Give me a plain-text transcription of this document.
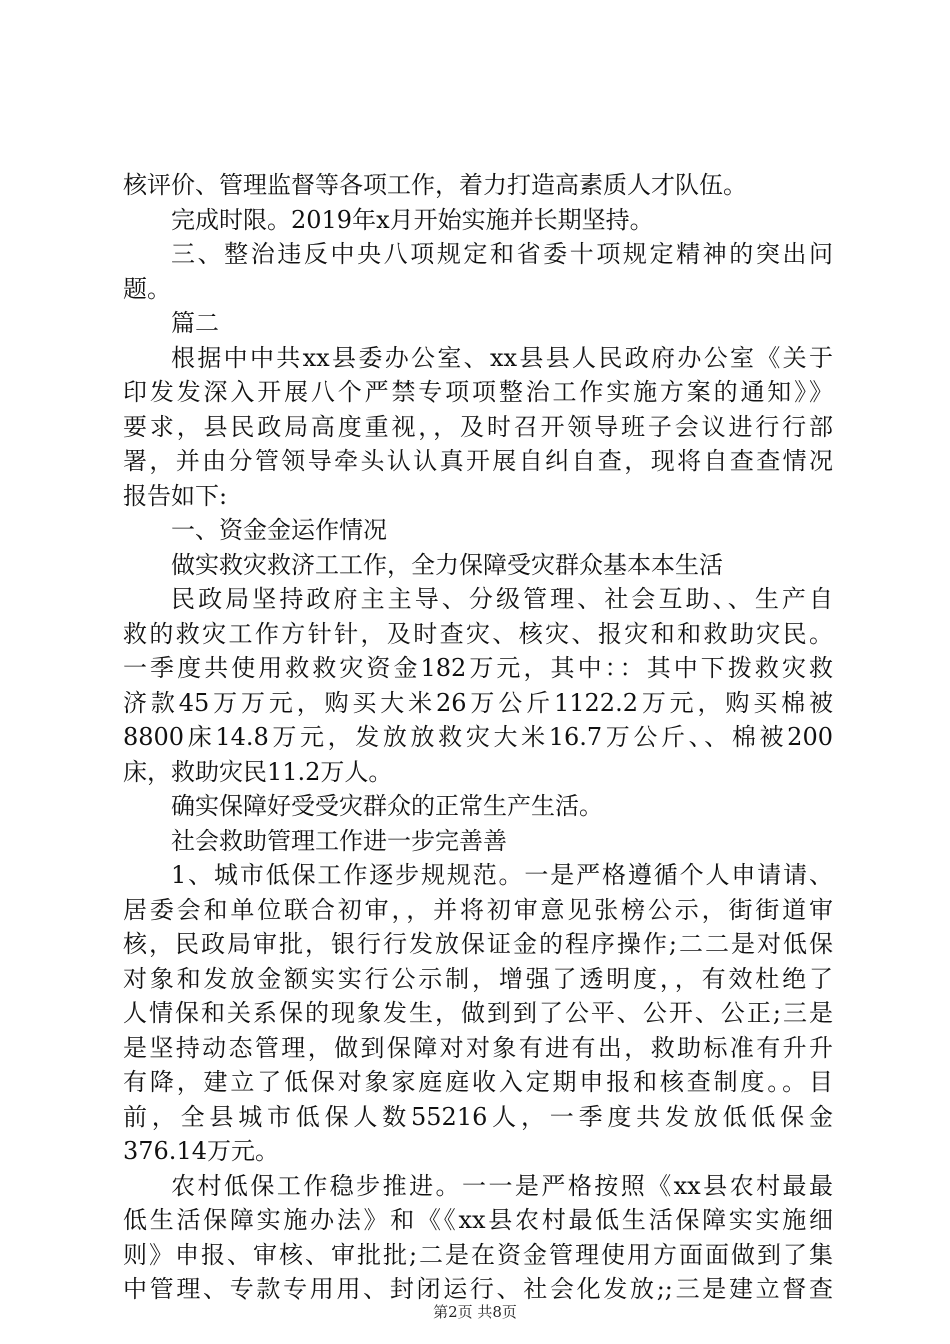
核评价、管理监督等各项工作，着力打造高素质人才队伍。
完成时限。2019年x月开始实施并长期坚持。
三、整治违反中央八项规定和省委十项规定精神的突出问
题。
篇二
根据中中共xx县委办公室、xx县县人民政府办公室《关于
印发发深入开展八个严禁专项项整治工作实施方案的通知》》
要求，县民政局高度重视，，及时召开领导班子会议进行行部
署，并由分管领导牵头认认真开展自纠自查，现将自查查情况
报告如下:
一、资金金运作情况
做实救灾救济工工作，全力保障受灾群众基本本生活
民政局坚持政府主主导、分级管理、社会互助、、生产自
救的救灾工作方针针，及时查灾、核灾、报灾和和救助灾民。
一季度共使用救救灾资金182万元，其中：：其中下拨救灾救
济款45万万元，购买大米26万公斤1122.2万元，购买棉被
8800床14.8万元，发放放救灾大米16.7万公斤、、棉被200
床，救助灾民11.2万人。
确实保障好受受灾群众的正常生产生活。
社会救助管理工作进一步完善善
1、城市低保工作逐步规规范。一是严格遵循个人申请请、
居委会和单位联合初审，，并将初审意见张榜公示，街街道审
核，民政局审批，银行行发放保证金的程序操作;二二是对低保
对象和发放金额实实行公示制，增强了透明度，，有效杜绝了
人情保和关系保的现象发生，做到到了公平、公开、公正;三是
是坚持动态管理，做到保障对对象有进有出，救助标准有升升
有降，建立了低保对象家庭庭收入定期申报和核查制度。。目
前，全县城市低保人数55216人，一季度共发放低低保金
376.14万元。
农村低保工作稳步推进。一一是严格按照《xx县农村最最
低生活保障实施办法》和《《xx县农村最低生活保障实实施细
则》申报、审核、审批批;二是在资金管理使用方面面做到了集
中管理、专款专用用、封闭运行、社会化发放;;三是建立督查
第2页 共8页
